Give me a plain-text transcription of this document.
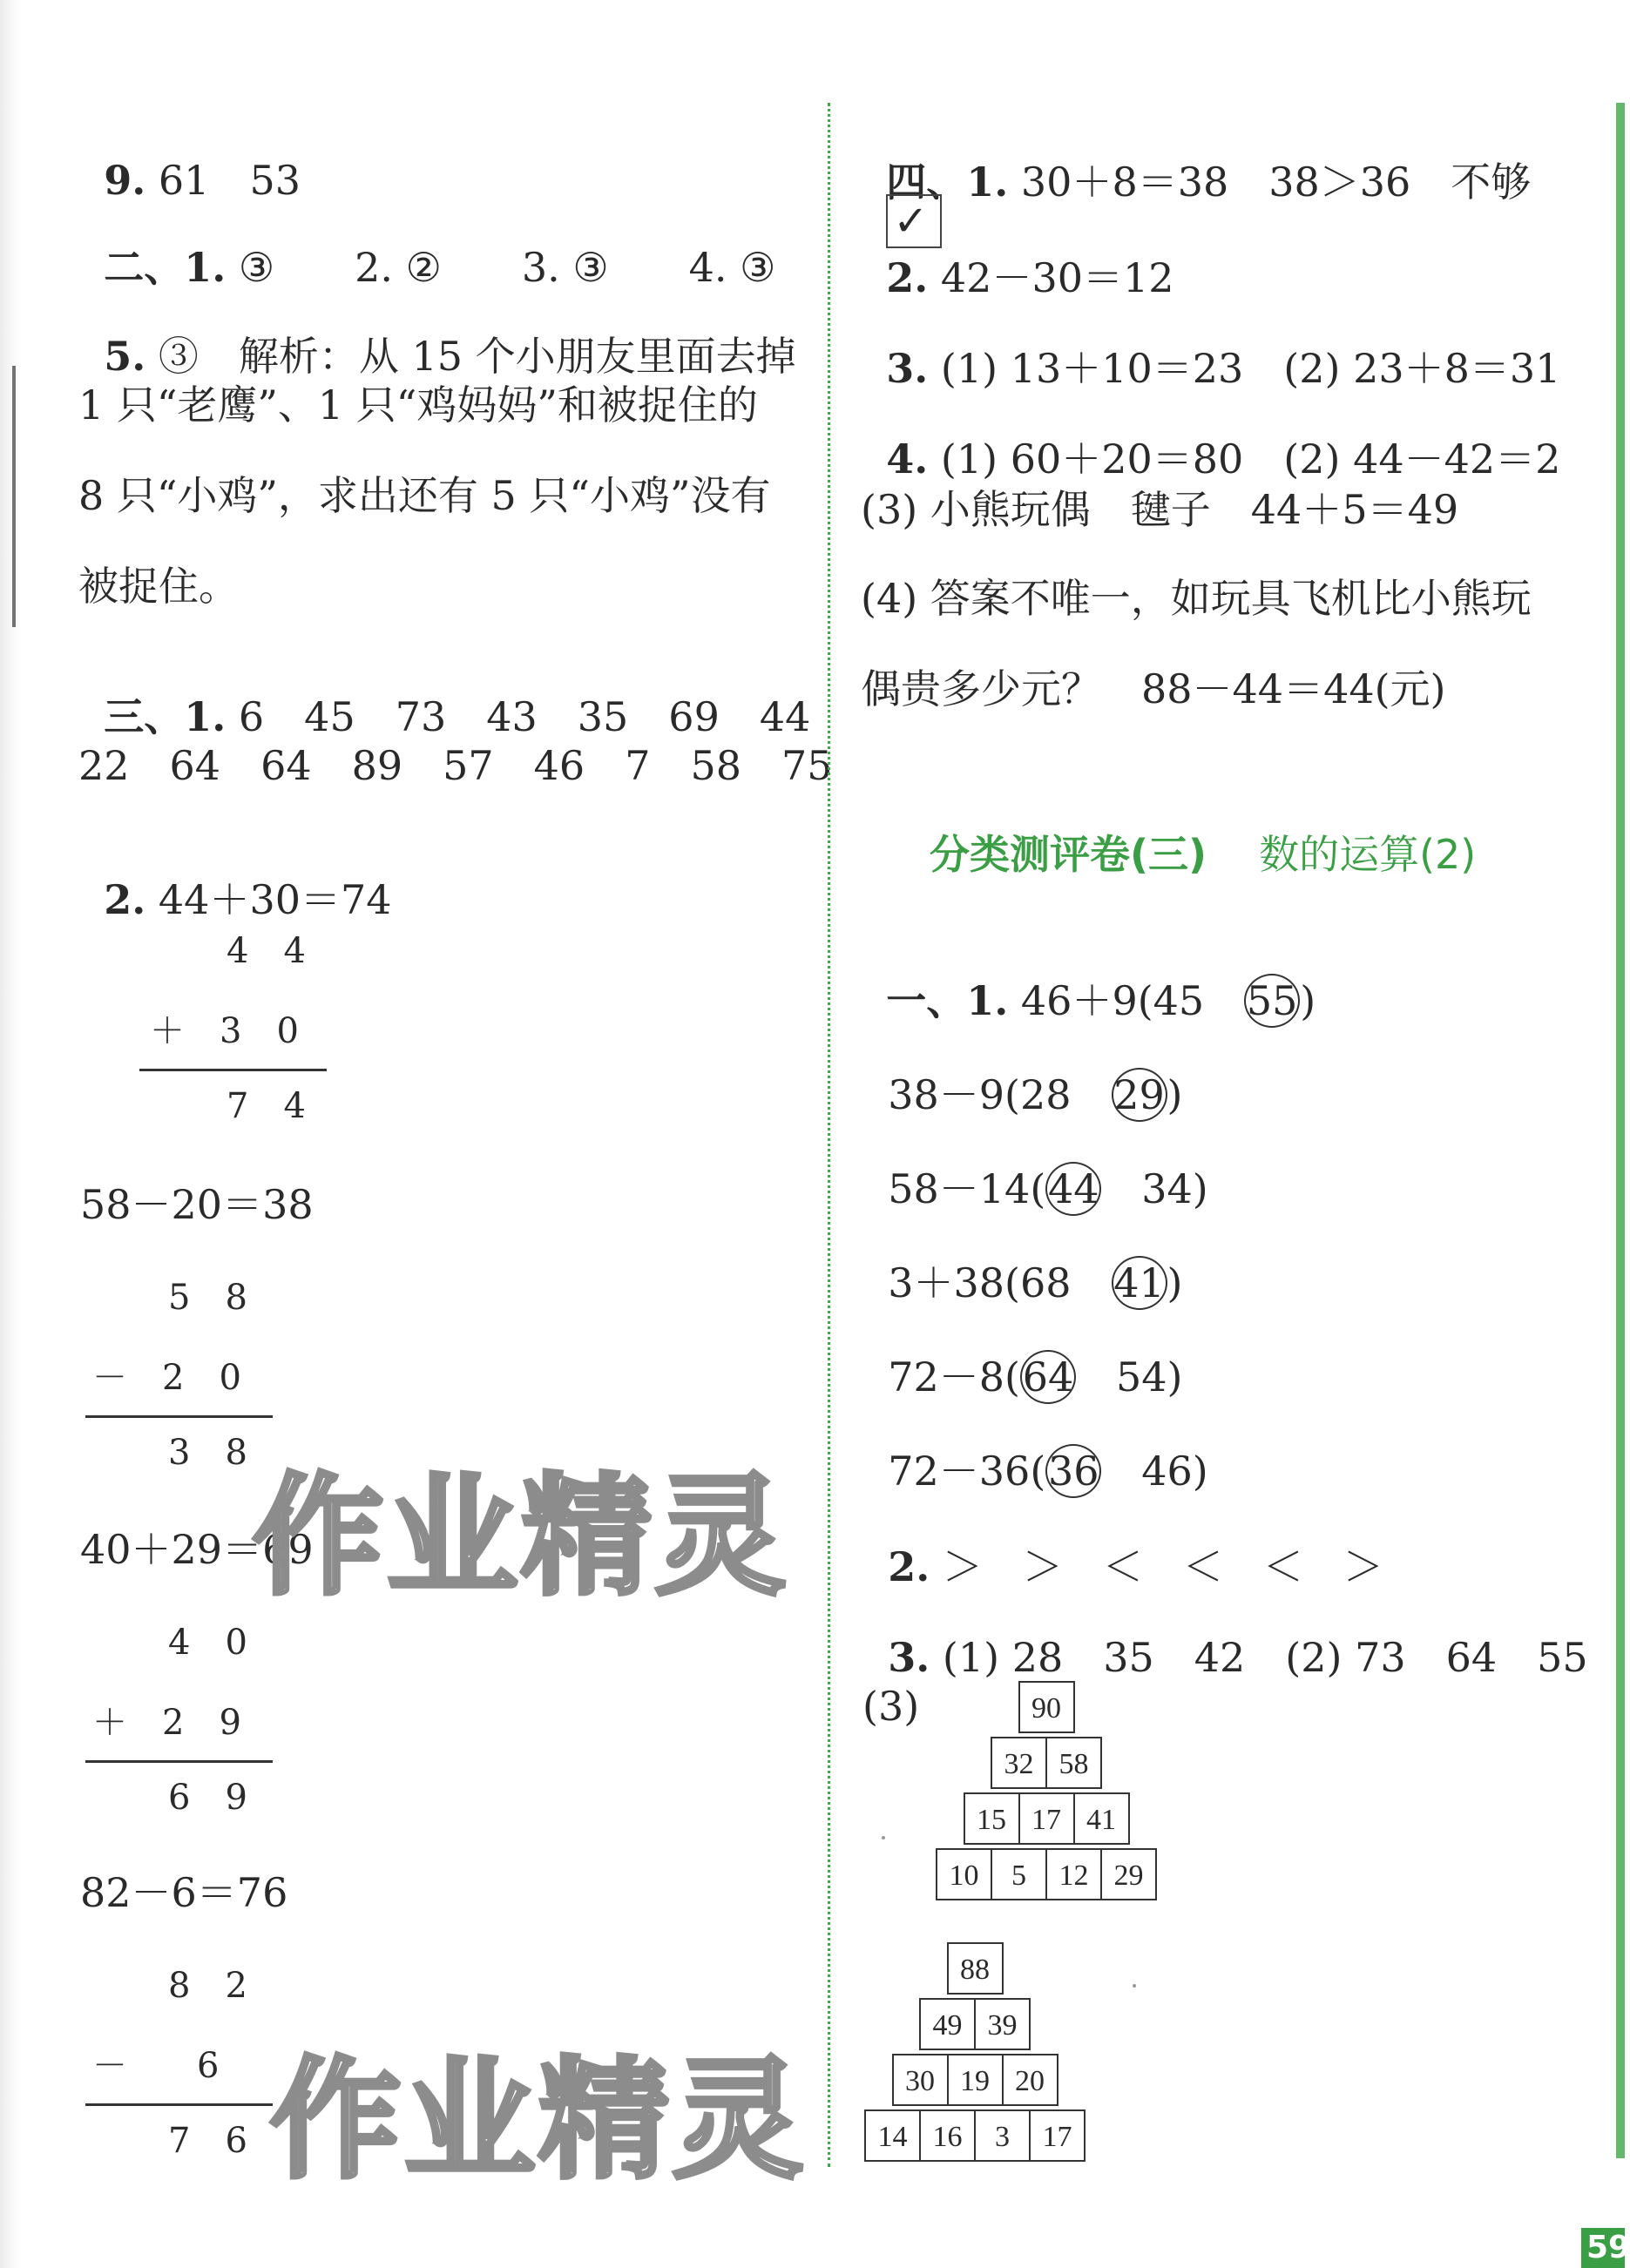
9. 61　53

二、1. ③　　2. ②　　3. ③　　4. ③

5. ③　解析：从 15 个小朋友里面去掉

1 只“老鹰”、1 只“鸡妈妈”和被捉住的
8 只“小鸡”，求出还有 5 只“小鸡”没有
被捉住。

三、1. 6　45　73　43　35　69　44

22　64　64　89　57　46　7　58　75

2. 44＋30＝74

4　4
＋　3　0
7　4
58－20＝38
5　8
－　2　0
3　8
40＋29＝69
4　0
＋　2　9
6　9
82－6＝76
8　2
－　　6
7　6
作业精灵
作业精灵

四、1. 30＋8＝38　38＞36　不够

✓

2. 42－30＝12

3. (1) 13＋10＝23　(2) 23＋8＝31

4. (1) 60＋20＝80　(2) 44－42＝2

(3) 小熊玩偶　毽子　44＋5＝49
(4) 答案不唯一，如玩具飞机比小熊玩
偶贵多少元？　88－44＝44(元)

分类测评卷(三) 数的运算(2)

一、1. 46＋9(45　55)

38－9(28　29)

58－14(44　34)

3＋38(68　41)

72－8(64　54)

72－36(36　46)

2. ＞　＞　＜　＜　＜　＞

3. (1) 28　35　42　(2) 73　64　55

(3)	90
32 58
15 17 41
10	5	12 29
88
49 39
30 19 20
14 16	3	17
59
